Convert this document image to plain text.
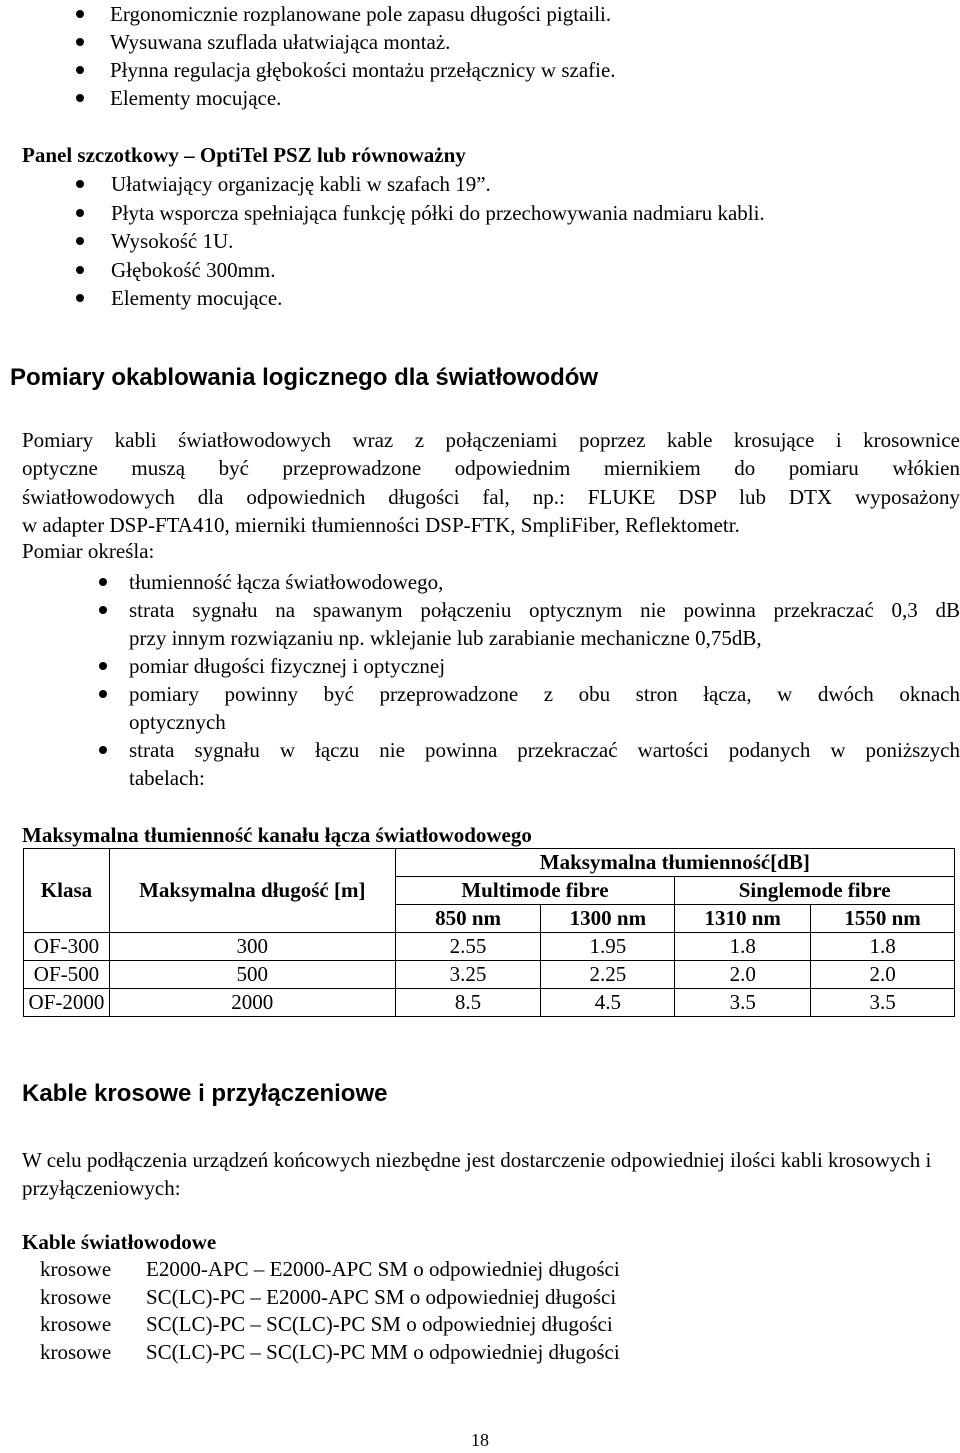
Ergonomicznie rozplanowane pole zapasu długości pigtaili.
Wysuwana szuflada ułatwiająca montaż.
Płynna regulacja głębokości montażu przełącznicy w szafie.
Elementy mocujące.
Panel szczotkowy – OptiTel PSZ lub równoważny
Ułatwiający organizację kabli w szafach 19”.
Płyta wsporcza spełniająca funkcję półki do przechowywania nadmiaru kabli.
Wysokość 1U.
Głębokość 300mm.
Elementy mocujące.
Pomiary okablowania logicznego dla światłowodów
Pomiary kabli światłowodowych wraz z połączeniami poprzez kable krosujące i krosownice
optyczne muszą być przeprowadzone odpowiednim miernikiem do pomiaru włókien
światłowodowych dla odpowiednich długości fal, np.: FLUKE DSP lub DTX wyposażony
w adapter DSP-FTA410, mierniki tłumienności DSP-FTK, SmpliFiber, Reflektometr.
Pomiar określa:
tłumienność łącza światłowodowego,
strata sygnału na spawanym połączeniu optycznym nie powinna przekraczać 0,3 dB
przy innym rozwiązaniu np. wklejanie lub zarabianie mechaniczne 0,75dB,
pomiar długości fizycznej i optycznej
pomiary powinny być przeprowadzone z obu stron łącza, w dwóch oknach
optycznych
strata sygnału w łączu nie powinna przekraczać wartości podanych w poniższych
tabelach:
Maksymalna tłumienność kanału łącza światłowodowego
Klasa	Maksymalna długość [m]	Maksymalna tłumienność[dB]			
		Multimode fibre		Singlemode fibre	
		850 nm	1300 nm	1310 nm	1550 nm
OF-300	300	2.55	1.95	1.8	1.8
OF-500	500	3.25	2.25	2.0	2.0
OF-2000	2000	8.5	4.5	3.5	3.5
Kable krosowe i przyłączeniowe
W celu podłączenia urządzeń końcowych niezbędne jest dostarczenie odpowiedniej ilości kabli krosowych i przyłączeniowych:
Kable światłowodowe
krosowe E2000-APC – E2000-APC SM o odpowiedniej długości
krosowe SC(LC)-PC – E2000-APC SM o odpowiedniej długości
krosowe SC(LC)-PC – SC(LC)-PC SM o odpowiedniej długości
krosowe SC(LC)-PC – SC(LC)-PC MM o odpowiedniej długości
18
